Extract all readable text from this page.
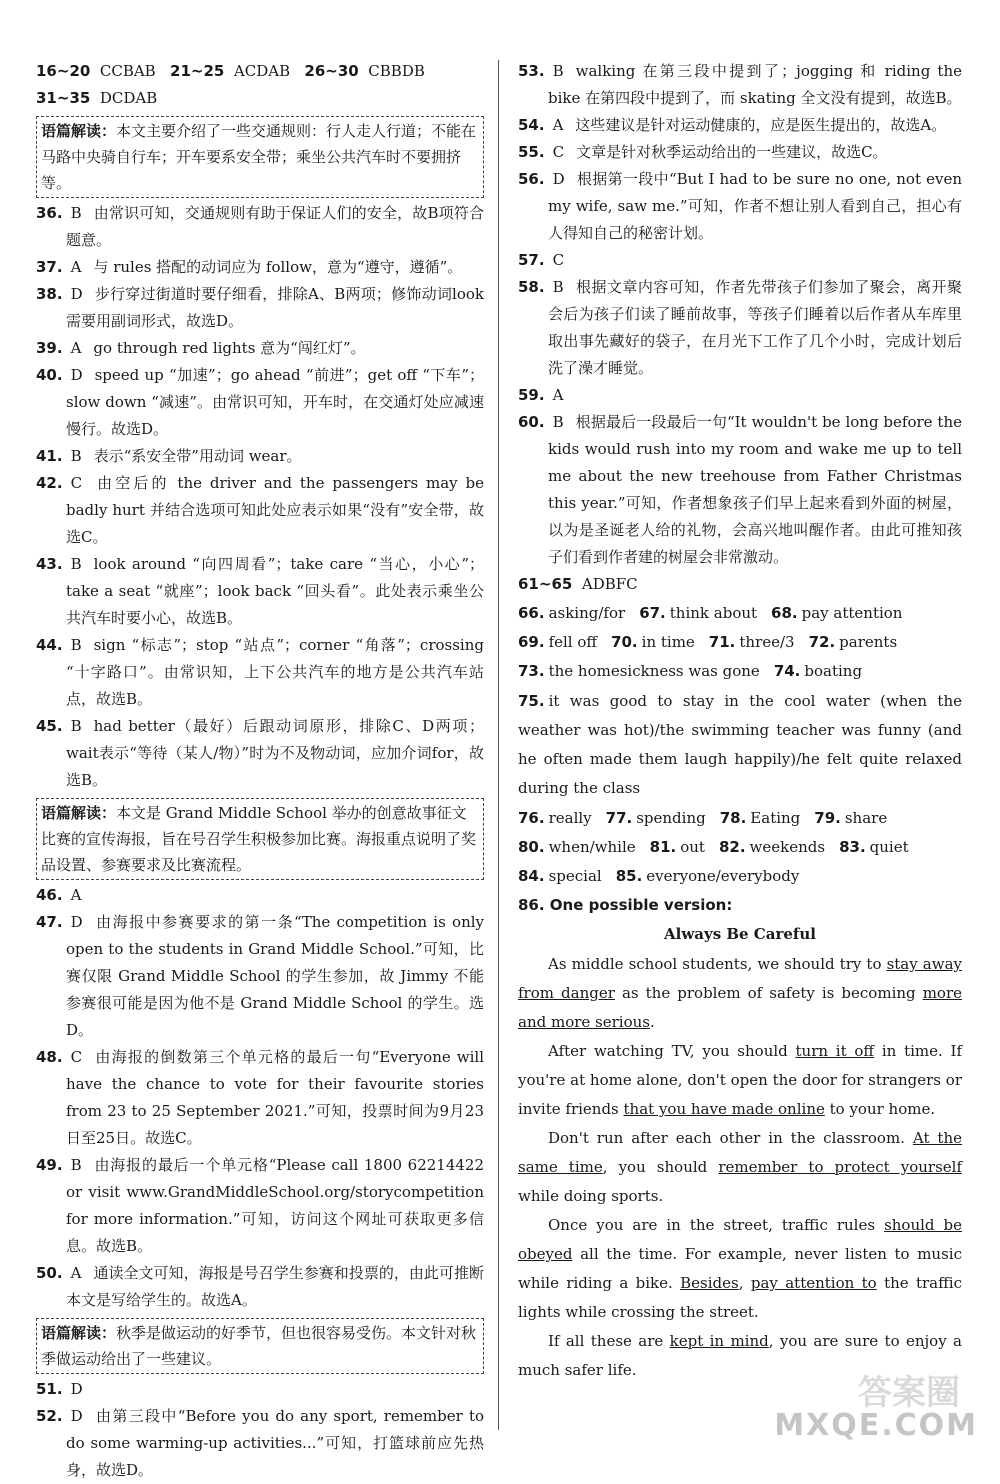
16~20 CCBAB 21~25 ACDAB 26~30 CBBDB

31~35 DCDAB

语篇解读：本文主要介绍了一些交通规则：行人走人行道；不能在马路中央骑自行车；开车要系安全带；乘坐公共汽车时不要拥挤等。

36. B 由常识可知，交通规则有助于保证人们的安全，故B项符合题意。

37. A 与 rules 搭配的动词应为 follow，意为“遵守，遵循”。

38. D 步行穿过街道时要仔细看，排除A、B两项；修饰动词look需要用副词形式，故选D。

39. A go through red lights 意为“闯红灯”。

40. D speed up “加速”；go ahead “前进”；get off “下车”；slow down “减速”。由常识可知，开车时，在交通灯处应减速慢行。故选D。

41. B 表示“系安全带”用动词 wear。

42. C 由空后的 the driver and the passengers may be badly hurt 并结合选项可知此处应表示如果“没有”安全带，故选C。

43. B look around “向四周看”；take care “当心，小心”；take a seat “就座”；look back “回头看”。此处表示乘坐公共汽车时要小心，故选B。

44. B sign “标志”；stop “站点”；corner “角落”；crossing “十字路口”。由常识知，上下公共汽车的地方是公共汽车站点，故选B。

45. B had better（最好）后跟动词原形，排除C、D两项；wait表示“等待（某人/物）”时为不及物动词，应加介词for，故选B。

语篇解读：本文是 Grand Middle School 举办的创意故事征文比赛的宣传海报，旨在号召学生积极参加比赛。海报重点说明了奖品设置、参赛要求及比赛流程。

46. A

47. D 由海报中参赛要求的第一条“The competition is only open to the students in Grand Middle School.”可知，比赛仅限 Grand Middle School 的学生参加，故 Jimmy 不能参赛很可能是因为他不是 Grand Middle School 的学生。选D。

48. C 由海报的倒数第三个单元格的最后一句“Everyone will have the chance to vote for their favourite stories from 23 to 25 September 2021.”可知，投票时间为9月23日至25日。故选C。

49. B 由海报的最后一个单元格“Please call 1800 62214422 or visit www.GrandMiddleSchool.org/storycompetition for more information.”可知，访问这个网址可获取更多信息。故选B。

50. A 通读全文可知，海报是号召学生参赛和投票的，由此可推断本文是写给学生的。故选A。

语篇解读：秋季是做运动的好季节，但也很容易受伤。本文针对秋季做运动给出了一些建议。

51. D

52. D 由第三段中“Before you do any sport, remember to do some warming-up activities...”可知，打篮球前应先热身，故选D。

53. B walking 在第三段中提到了；jogging 和 riding the bike 在第四段中提到了，而 skating 全文没有提到，故选B。

54. A 这些建议是针对运动健康的，应是医生提出的，故选A。

55. C 文章是针对秋季运动给出的一些建议，故选C。

56. D 根据第一段中“But I had to be sure no one, not even my wife, saw me.”可知，作者不想让别人看到自己，担心有人得知自己的秘密计划。

57. C

58. B 根据文章内容可知，作者先带孩子们参加了聚会，离开聚会后为孩子们读了睡前故事，等孩子们睡着以后作者从车库里取出事先藏好的袋子，在月光下工作了几个小时，完成计划后洗了澡才睡觉。

59. A

60. B 根据最后一段最后一句“It wouldn't be long before the kids would rush into my room and wake me up to tell me about the new treehouse from Father Christmas this year.”可知，作者想象孩子们早上起来看到外面的树屋，以为是圣诞老人给的礼物，会高兴地叫醒作者。由此可推知孩子们看到作者建的树屋会非常激动。

61~65 ADBFC

66. asking/for 67. think about 68. pay attention

69. fell off 70. in time 71. three/3 72. parents

73. the homesickness was gone 74. boating

75. it was good to stay in the cool water (when the weather was hot)/the swimming teacher was funny (and he often made them laugh happily)/he felt quite relaxed during the class

76. really 77. spending 78. Eating 79. share

80. when/while 81. out 82. weekends 83. quiet

84. special 85. everyone/everybody

86. One possible version:

Always Be Careful

As middle school students, we should try to stay away from danger as the problem of safety is becoming more and more serious.

After watching TV, you should turn it off in time. If you're at home alone, don't open the door for strangers or invite friends that you have made online to your home.

Don't run after each other in the classroom. At the same time, you should remember to protect yourself while doing sports.

Once you are in the street, traffic rules should be obeyed all the time. For example, never listen to music while riding a bike. Besides, pay attention to the traffic lights while crossing the street.

If all these are kept in mind, you are sure to enjoy a much safer life.

答案圈
MXQE.COM
